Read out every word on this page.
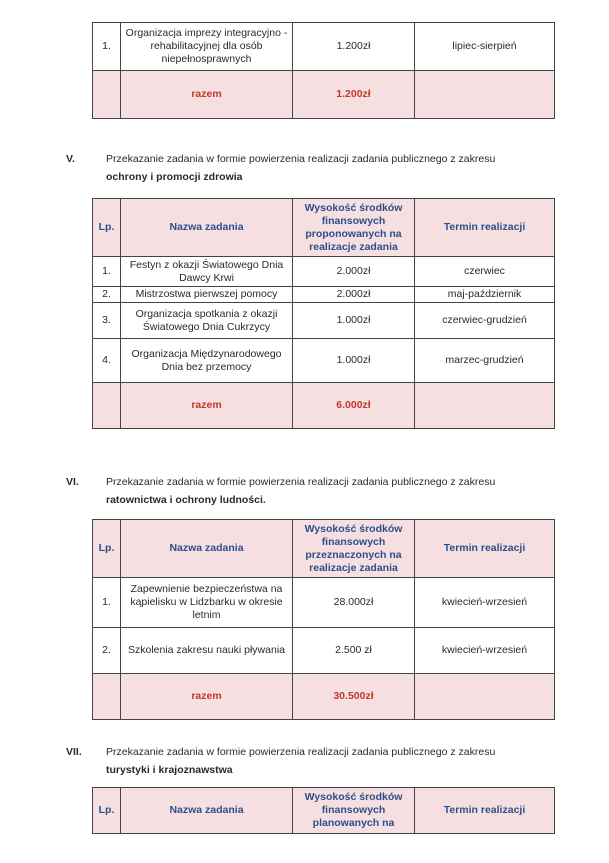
1.	Organizacja imprezy integracyjno -rehabilitacyjnej dla osób niepełnosprawnych	1.200zł	lipiec-sierpień
	razem	1.200zł	
V.	Przekazanie zadania w formie powierzenia realizacji zadania publicznego z zakresu
ochrony i promocji zdrowia
Lp.	Nazwa zadania	Wysokość środków finansowych proponowanych na realizacje zadania	Termin realizacji
1.	Festyn z okazji Światowego Dnia Dawcy Krwi	2.000zł	czerwiec
2.	Mistrzostwa pierwszej pomocy	2.000zł	maj-październik
3.	Organizacja spotkania z okazji Światowego Dnia Cukrzycy	1.000zł	czerwiec-grudzień
4.	Organizacja Międzynarodowego Dnia bez przemocy	1.000zł	marzec-grudzień
	razem	6.000zł	
VI.	Przekazanie zadania w formie powierzenia realizacji zadania publicznego z zakresu
ratownictwa i ochrony ludności.
Lp.	Nazwa zadania	Wysokość środków finansowych przeznaczonych na realizacje zadania	Termin realizacji
1.	Zapewnienie bezpieczeństwa na kąpielisku w Lidzbarku w okresie letnim	28.000zł	kwiecień-wrzesień
2.	Szkolenia zakresu nauki pływania	2.500 zł	kwiecień-wrzesień
	razem	30.500zł	
VII. Przekazanie zadania w formie powierzenia realizacji zadania publicznego z zakresu
turystyki i krajoznawstwa
Lp.	Nazwa zadania	Wysokość środków finansowych planowanych na	Termin realizacji
